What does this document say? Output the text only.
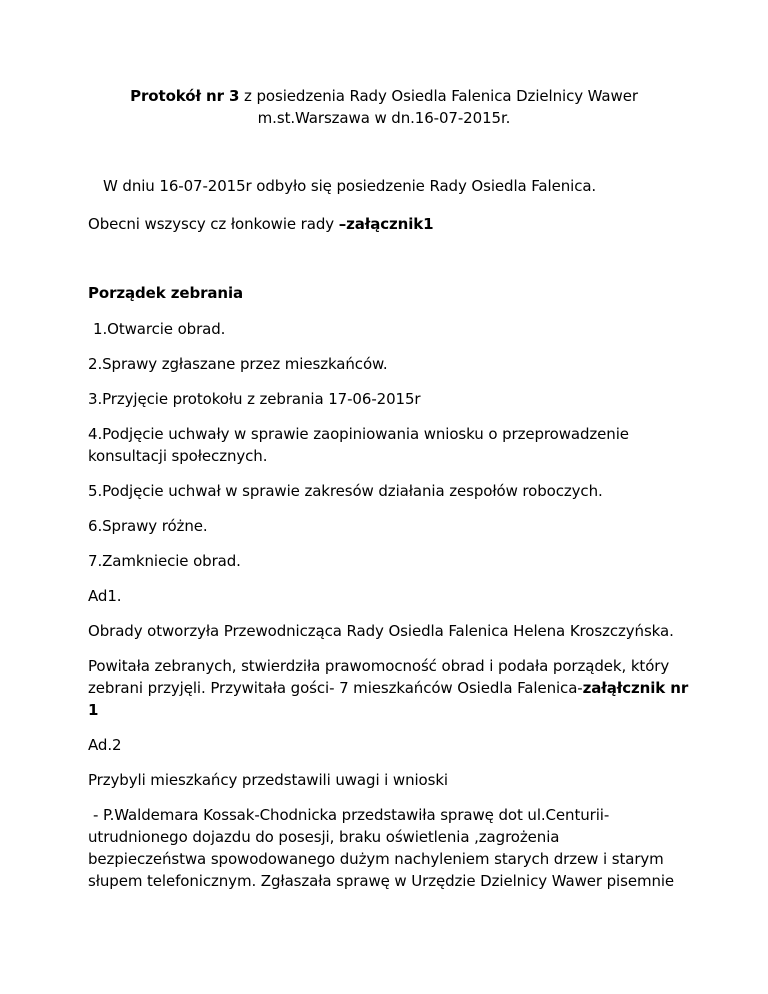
Protokół nr 3 z posiedzenia Rady Osiedla Falenica Dzielnicy Wawer
m.st.Warszawa w dn.16-07-2015r.
W dniu 16-07-2015r odbyło się posiedzenie Rady Osiedla Falenica.
Obecni wszyscy cz łonkowie rady –załącznik1
Porządek zebrania
1.Otwarcie obrad.
2.Sprawy zgłaszane przez mieszkańców.
3.Przyjęcie protokołu z zebrania 17-06-2015r
4.Podjęcie uchwały w sprawie zaopiniowania wniosku o przeprowadzenie
konsultacji społecznych.
5.Podjęcie uchwał w sprawie zakresów działania zespołów roboczych.
6.Sprawy różne.
7.Zamkniecie obrad.
Ad1.
Obrady otworzyła Przewodnicząca Rady Osiedla Falenica Helena Kroszczyńska.
Powitała zebranych, stwierdziła prawomocność obrad i podała porządek, który
zebrani przyjęli. Przywitała gości- 7 mieszkańców Osiedla Falenica-załąłcznik nr
1
Ad.2
Przybyli mieszkańcy przedstawili uwagi i wnioski
- P.Waldemara Kossak-Chodnicka przedstawiła sprawę dot ul.Centurii-
utrudnionego dojazdu do posesji, braku oświetlenia ,zagrożenia
bezpieczeństwa spowodowanego dużym nachyleniem starych drzew i starym
słupem telefonicznym. Zgłaszała sprawę w Urzędzie Dzielnicy Wawer pisemnie
